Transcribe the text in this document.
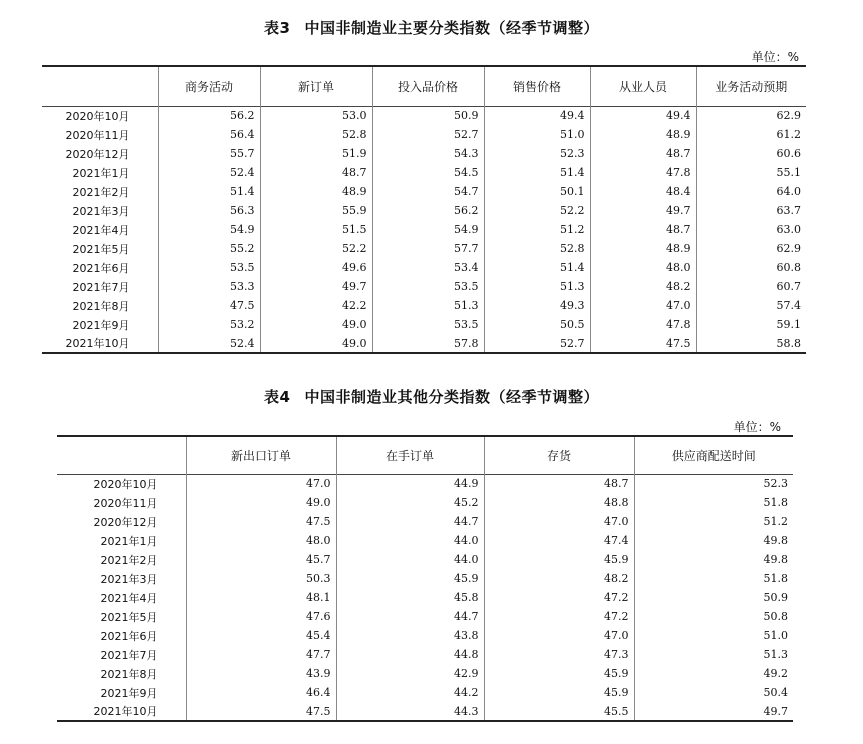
表3 中国非制造业主要分类指数（经季节调整）
单位：%
	商务活动	新订单	投入品价格	销售价格	从业人员	业务活动预期
2020年10月	56.2	53.0	50.9	49.4	49.4	62.9
2020年11月	56.4	52.8	52.7	51.0	48.9	61.2
2020年12月	55.7	51.9	54.3	52.3	48.7	60.6
2021年1月	52.4	48.7	54.5	51.4	47.8	55.1
2021年2月	51.4	48.9	54.7	50.1	48.4	64.0
2021年3月	56.3	55.9	56.2	52.2	49.7	63.7
2021年4月	54.9	51.5	54.9	51.2	48.7	63.0
2021年5月	55.2	52.2	57.7	52.8	48.9	62.9
2021年6月	53.5	49.6	53.4	51.4	48.0	60.8
2021年7月	53.3	49.7	53.5	51.3	48.2	60.7
2021年8月	47.5	42.2	51.3	49.3	47.0	57.4
2021年9月	53.2	49.0	53.5	50.5	47.8	59.1
2021年10月	52.4	49.0	57.8	52.7	47.5	58.8
表4 中国非制造业其他分类指数（经季节调整）
单位：%
	新出口订单	在手订单	存货	供应商配送时间
2020年10月	47.0	44.9	48.7	52.3
2020年11月	49.0	45.2	48.8	51.8
2020年12月	47.5	44.7	47.0	51.2
2021年1月	48.0	44.0	47.4	49.8
2021年2月	45.7	44.0	45.9	49.8
2021年3月	50.3	45.9	48.2	51.8
2021年4月	48.1	45.8	47.2	50.9
2021年5月	47.6	44.7	47.2	50.8
2021年6月	45.4	43.8	47.0	51.0
2021年7月	47.7	44.8	47.3	51.3
2021年8月	43.9	42.9	45.9	49.2
2021年9月	46.4	44.2	45.9	50.4
2021年10月	47.5	44.3	45.5	49.7
